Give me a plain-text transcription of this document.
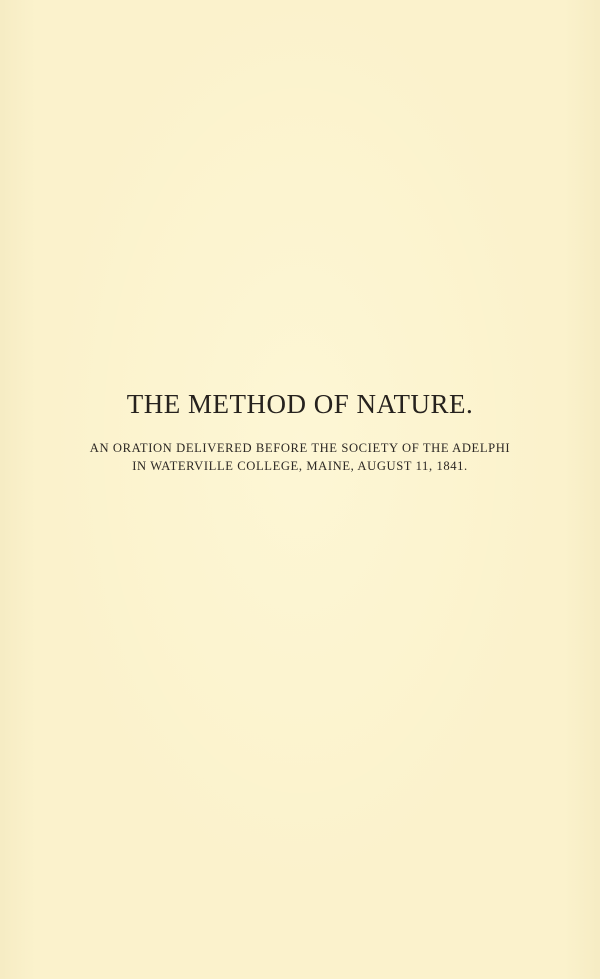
THE METHOD OF NATURE.
AN ORATION DELIVERED BEFORE THE SOCIETY OF THE ADELPHI
IN WATERVILLE COLLEGE, MAINE, AUGUST 11, 1841.
